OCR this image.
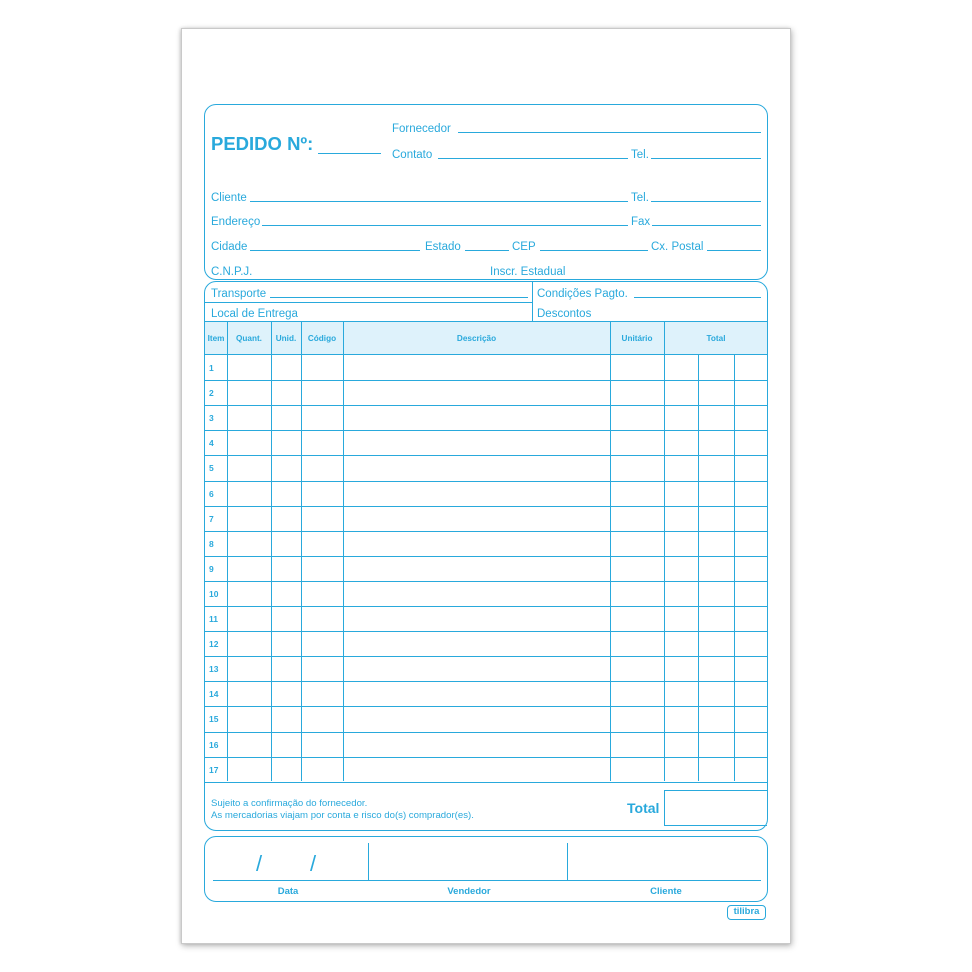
PEDIDO Nº:
Fornecedor
Contato	Tel.
Cliente	Tel.
Endereço	Fax
Cidade	Estado	CEP	Cx. Postal
C.N.P.J.	Inscr. Estadual
Transporte	Condições Pagto.
Local de Entrega	Descontos
Item	Quant.	Unid.	Código	Descrição	Unitário	Total
1
2
3
4
5
6
7
8
9
10
11
12
13
14
15
16
17
Sujeito a confirmação do fornecedor.
As mercadorias viajam por conta e risco do(s) comprador(es).	Total
/ /
Data	Vendedor	Cliente
tilibra
